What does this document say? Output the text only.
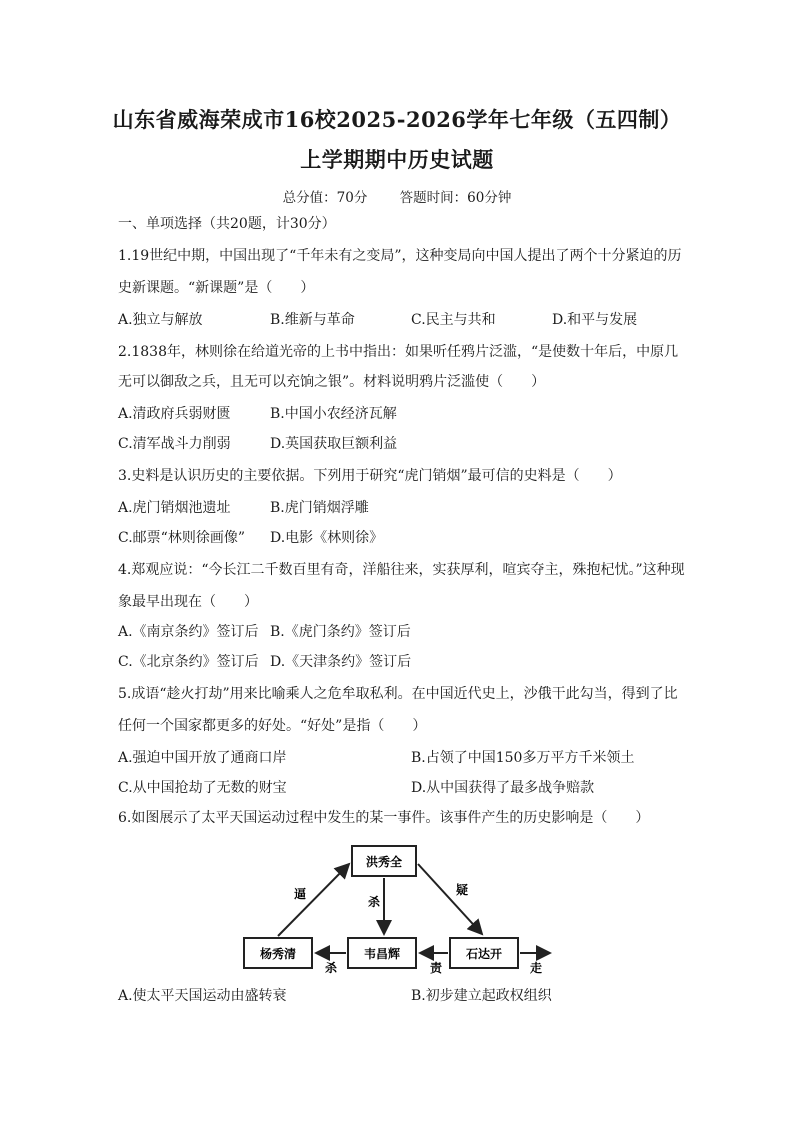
山东省威海荣成市16校2025-2026学年七年级（五四制）
上学期期中历史试题
总分值：70分 答题时间：60分钟
一、单项选择（共20题，计30分）
1.19世纪中期，中国出现了“千年未有之变局”，这种变局向中国人提出了两个十分紧迫的历
史新课题。“新课题”是（　　）
A.独立与解放	B.维新与革命	C.民主与共和	D.和平与发展
2.1838年，林则徐在给道光帝的上书中指出：如果听任鸦片泛滥，“是使数十年后，中原几
无可以御敌之兵，且无可以充饷之银”。材料说明鸦片泛滥使（　　）
A.清政府兵弱财匮	B.中国小农经济瓦解
C.清军战斗力削弱	D.英国获取巨额利益
3.史料是认识历史的主要依据。下列用于研究“虎门销烟”最可信的史料是（　　）
A.虎门销烟池遗址	B.虎门销烟浮雕
C.邮票“林则徐画像” D.电影《林则徐》
4.郑观应说：“今长江二千数百里有奇，洋船往来，实获厚利，喧宾夺主，殊抱杞忧。”这种现
象最早出现在（　　）
A.《南京条约》签订后 B.《虎门条约》签订后
C.《北京条约》签订后 D.《天津条约》签订后
5.成语“趁火打劫”用来比喻乘人之危牟取私利。在中国近代史上，沙俄干此勾当，得到了比
任何一个国家都更多的好处。“好处”是指（　　）
A.强迫中国开放了通商口岸	B.占领了中国150多万平方千米领土
C.从中国抢劫了无数的财宝	D.从中国获得了最多战争赔款
6.如图展示了太平天国运动过程中发生的某一事件。该事件产生的历史影响是（　　）
洪秀全
杨秀清	韦昌辉	石达开
逼
杀
疑
杀	责	走
A.使太平天国运动由盛转衰	B.初步建立起政权组织
